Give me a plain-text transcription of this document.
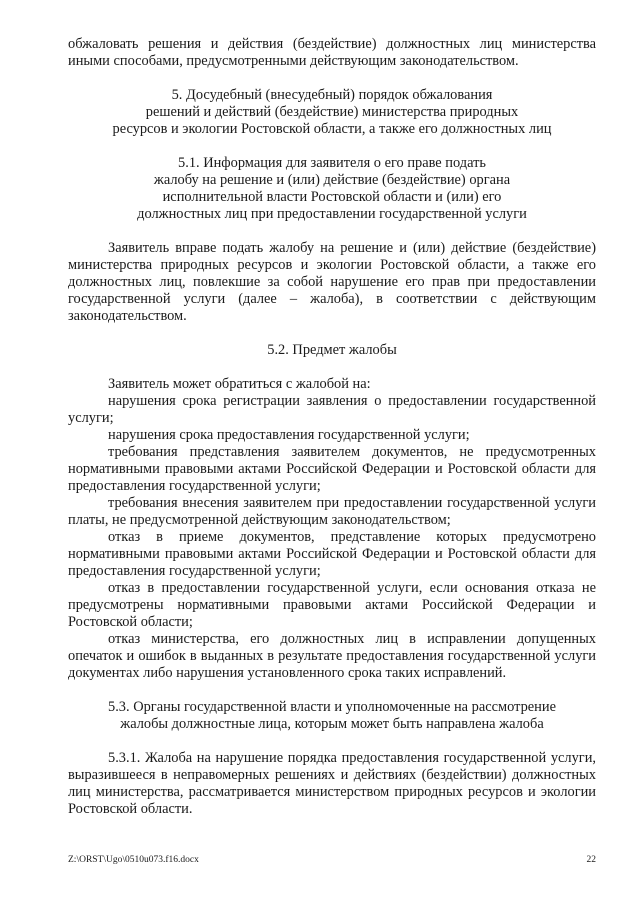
обжаловать решения и действия (бездействие) должностных лиц министерства иными способами, предусмотренными действующим законодательством.

5. Досудебный (внесудебный) порядок обжалования

решений и действий (бездействие) министерства природных

ресурсов и экологии Ростовской области, а также его должностных лиц

5.1. Информация для заявителя о его праве подать

жалобу на решение и (или) действие (бездействие) органа

исполнительной власти Ростовской области и (или) его

должностных лиц при предоставлении государственной услуги

Заявитель вправе подать жалобу на решение и (или) действие (бездействие) министерства природных ресурсов и экологии Ростовской области, а также его должностных лиц, повлекшие за собой нарушение его прав при предоставлении государственной услуги (далее – жалоба), в соответствии с действующим законодательством.

5.2. Предмет жалобы

Заявитель может обратиться с жалобой на:

нарушения срока регистрации заявления о предоставлении государственной услуги;

нарушения срока предоставления государственной услуги;

требования представления заявителем документов, не предусмотренных нормативными правовыми актами Российской Федерации и Ростовской области для предоставления государственной услуги;

требования внесения заявителем при предоставлении государственной услуги платы, не предусмотренной действующим законодательством;

отказ в приеме документов, представление которых предусмотрено нормативными правовыми актами Российской Федерации и Ростовской области для предоставления государственной услуги;

отказ в предоставлении государственной услуги, если основания отказа не предусмотрены нормативными правовыми актами Российской Федерации и Ростовской области;

отказ министерства, его должностных лиц в исправлении допущенных опечаток и ошибок в выданных в результате предоставления государственной услуги документах либо нарушения установленного срока таких исправлений.

5.3. Органы государственной власти и уполномоченные на рассмотрение

жалобы должностные лица, которым может быть направлена жалоба

5.3.1. Жалоба на нарушение порядка предоставления государственной услуги, выразившееся в неправомерных решениях и действиях (бездействии) должностных лиц министерства, рассматривается министерством природных ресурсов и экологии Ростовской области.

Z:\ORST\Ugo\0510u073.f16.docx	22
